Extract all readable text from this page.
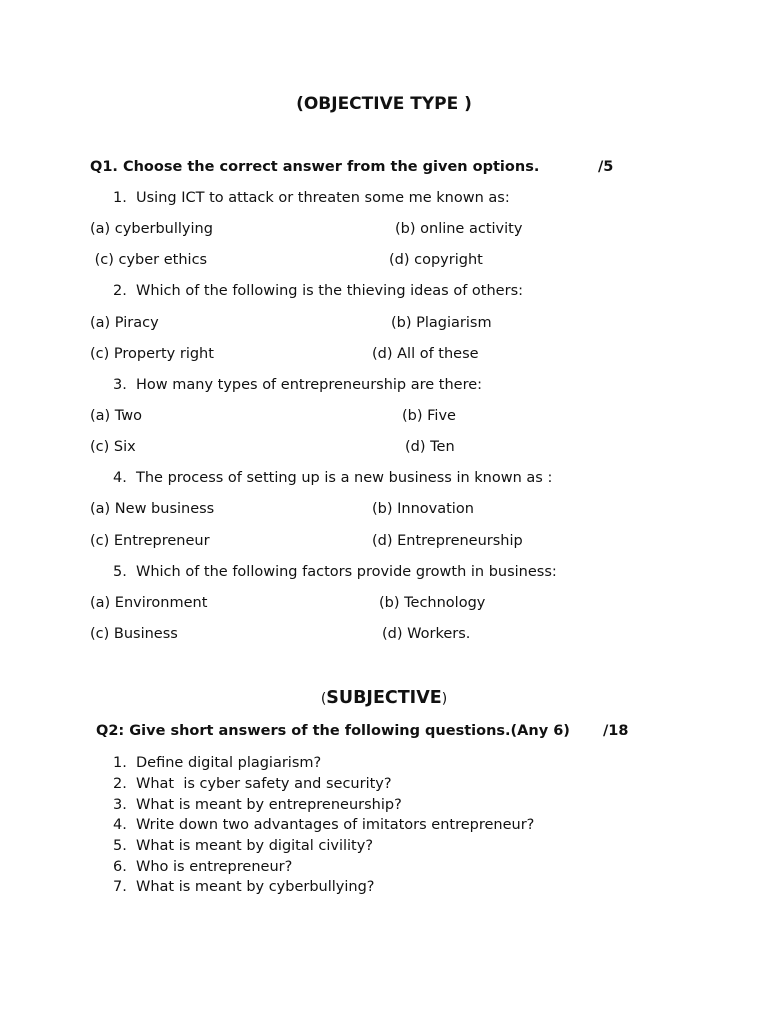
(OBJECTIVE TYPE )
Q1. Choose the correct answer from the given options.	/5
1. Using ICT to attack or threaten some me known as:
(a) cyberbullying	(b) online activity
(c) cyber ethics	(d) copyright
2. Which of the following is the thieving ideas of others:
(a) Piracy	(b) Plagiarism
(c) Property right	(d) All of these
3. How many types of entrepreneurship are there:
(a) Two	(b) Five
(c) Six	(d) Ten
4. The process of setting up is a new business in known as :
(a) New business	(b) Innovation
(c) Entrepreneur	(d) Entrepreneurship
5. Which of the following factors provide growth in business:
(a) Environment	(b) Technology
(c) Business	(d) Workers.
(SUBJECTIVE)
Q2: Give short answers of the following questions.(Any 6) /18
1. Define digital plagiarism?
2. What  is cyber safety and security?
3. What is meant by entrepreneurship?
4. Write down two advantages of imitators entrepreneur?
5. What is meant by digital civility?
6. Who is entrepreneur?
7. What is meant by cyberbullying?
